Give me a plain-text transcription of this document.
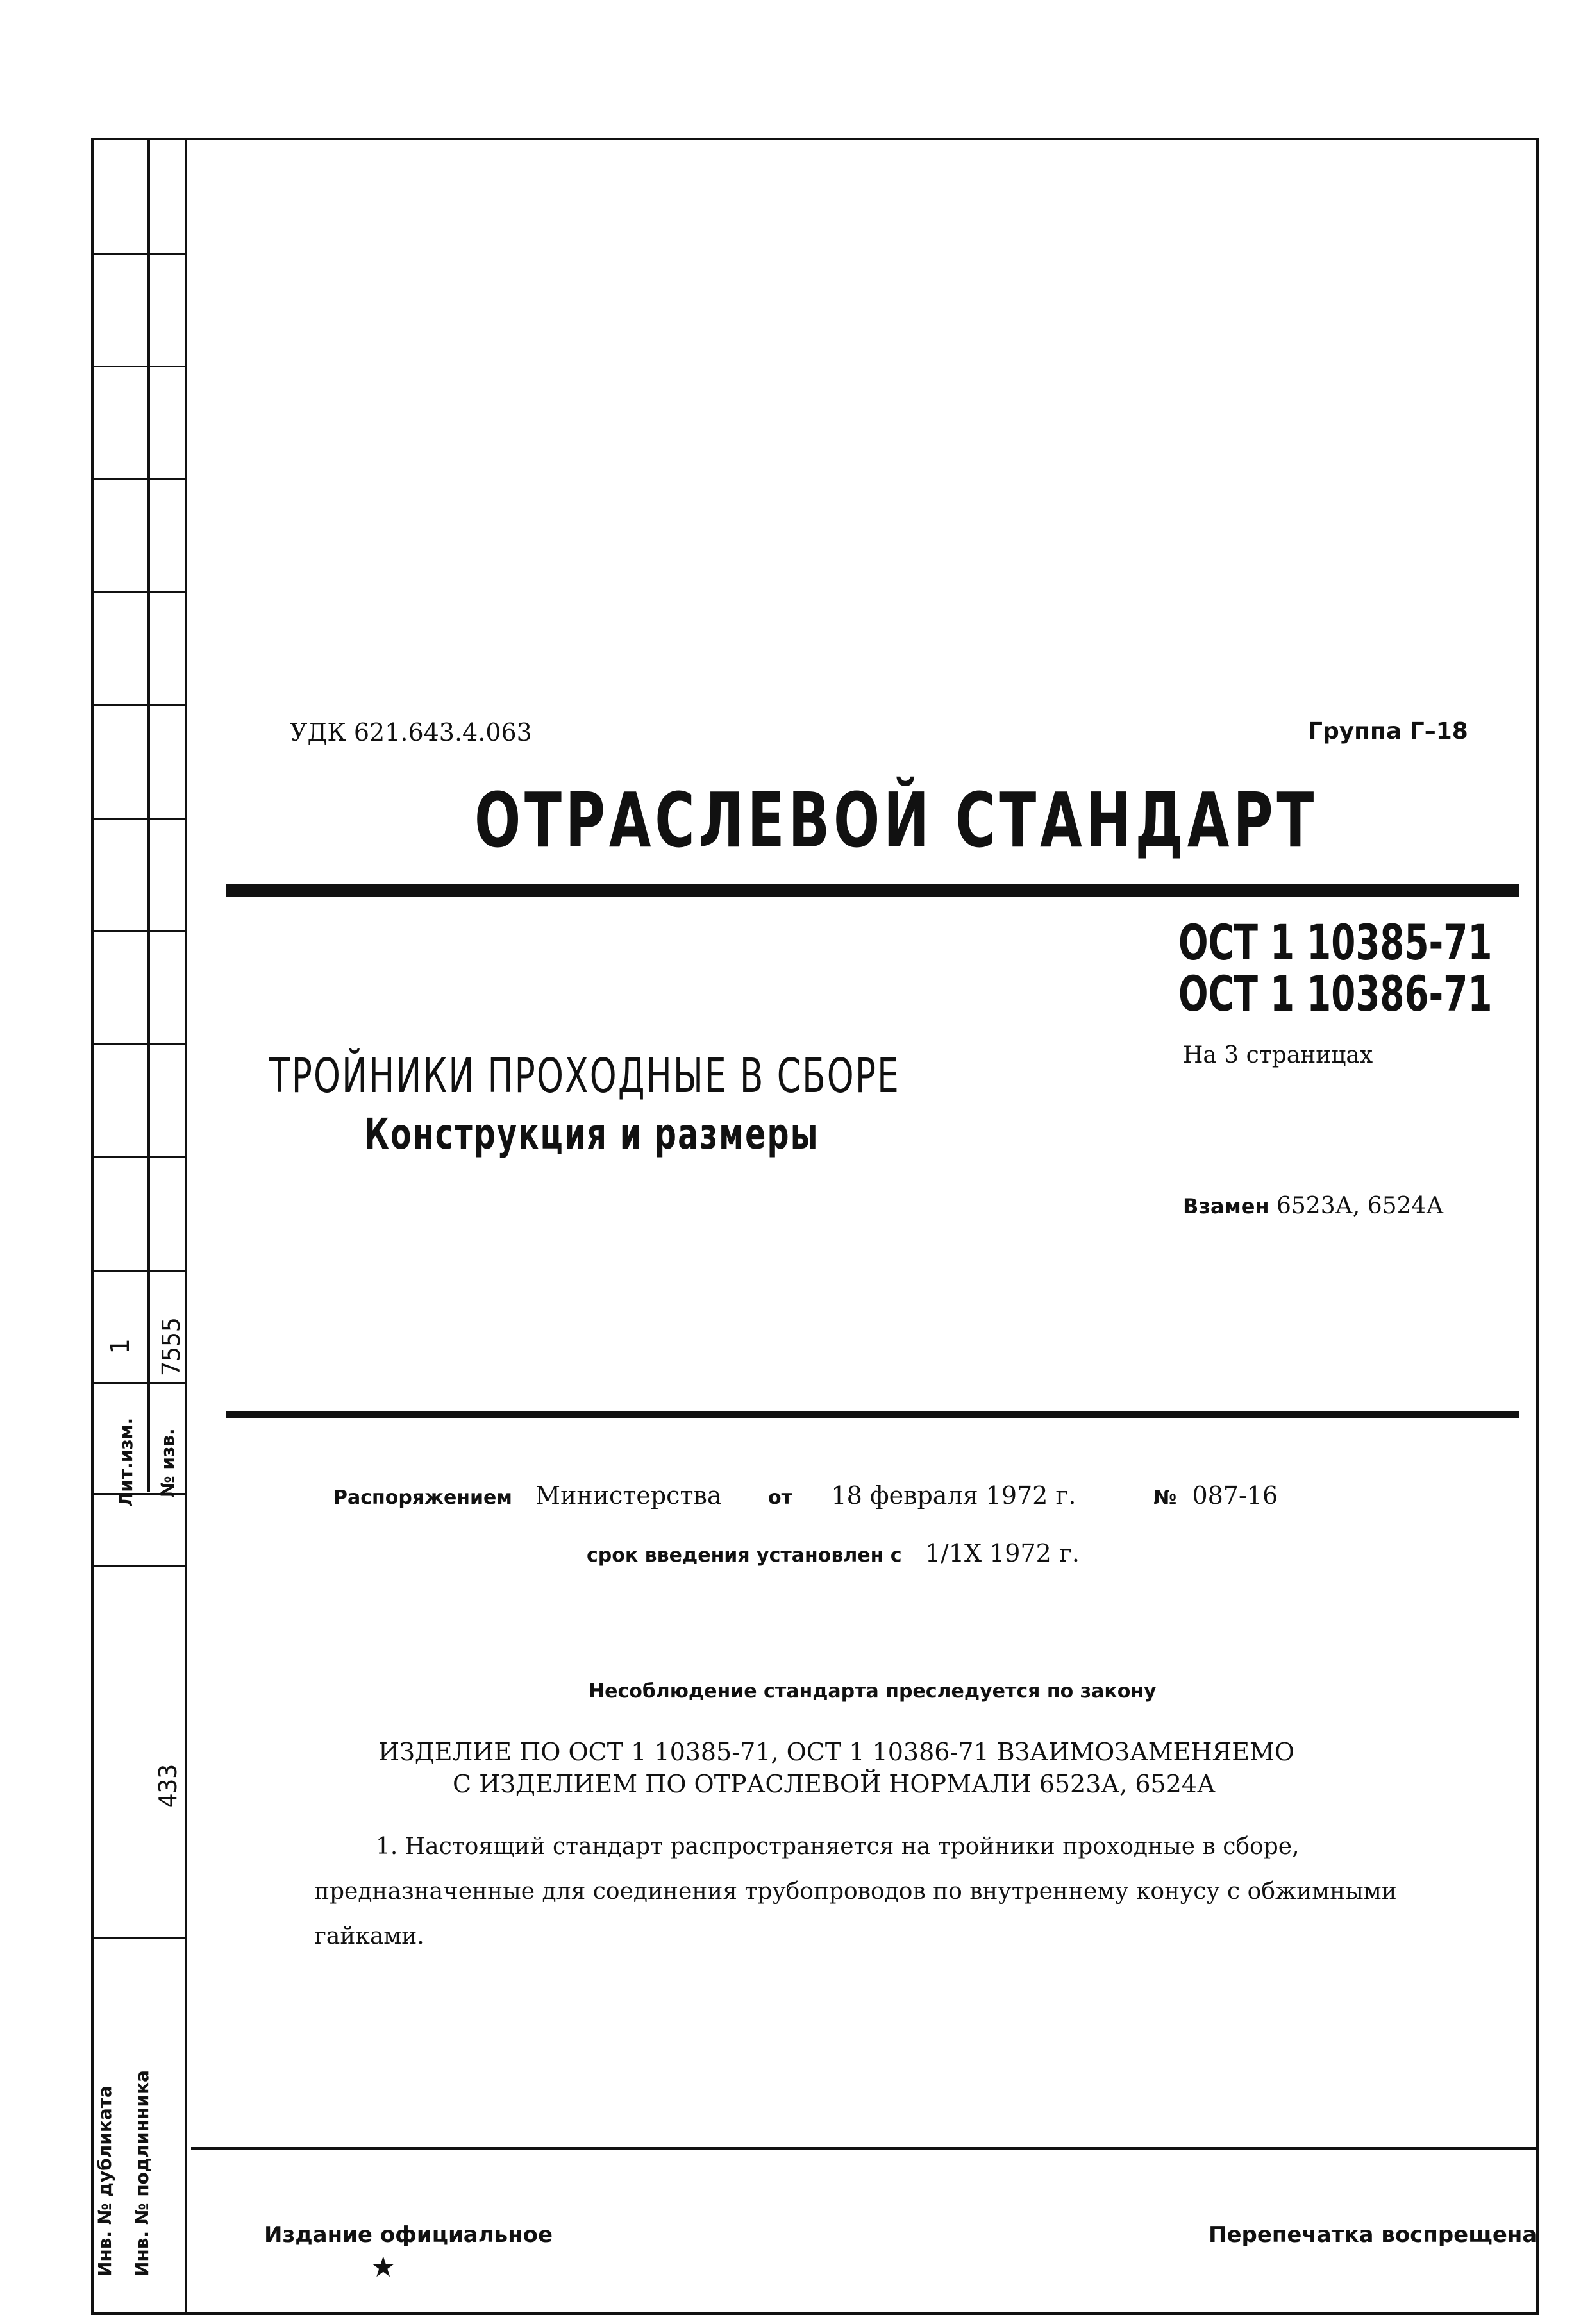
1 7555
Лит.изм. № изв.
433
Инв. № дубликата Инв. № подлинника
УДК 621.643.4.063	Группа Г–18
ОТРАСЛЕВОЙ СТАНДАРТ
ОСТ 1 10385-71
ОСТ 1 10386-71
На 3 страницах
ТРОЙНИКИ ПРОХОДНЫЕ В СБОРЕ
Конструкция и размеры
Взамен 6523А, 6524А
Распоряжением Министерства от 18 февраля 1972 г.	№ 087-16
срок введения установлен с 1/1X 1972 г.
Несоблюдение стандарта преследуется по закону
ИЗДЕЛИЕ ПО ОСТ 1 10385-71, ОСТ 1 10386-71 ВЗАИМОЗАМЕНЯЕМО
С ИЗДЕЛИЕМ ПО ОТРАСЛЕВОЙ НОРМАЛИ 6523А, 6524А
1. Настоящий стандарт распространяется на тройники проходные в сборе, предназначенные для соединения трубопроводов по внутреннему конусу с обжимными гайками.
Издание официальное
★
Перепечатка воспрещена
